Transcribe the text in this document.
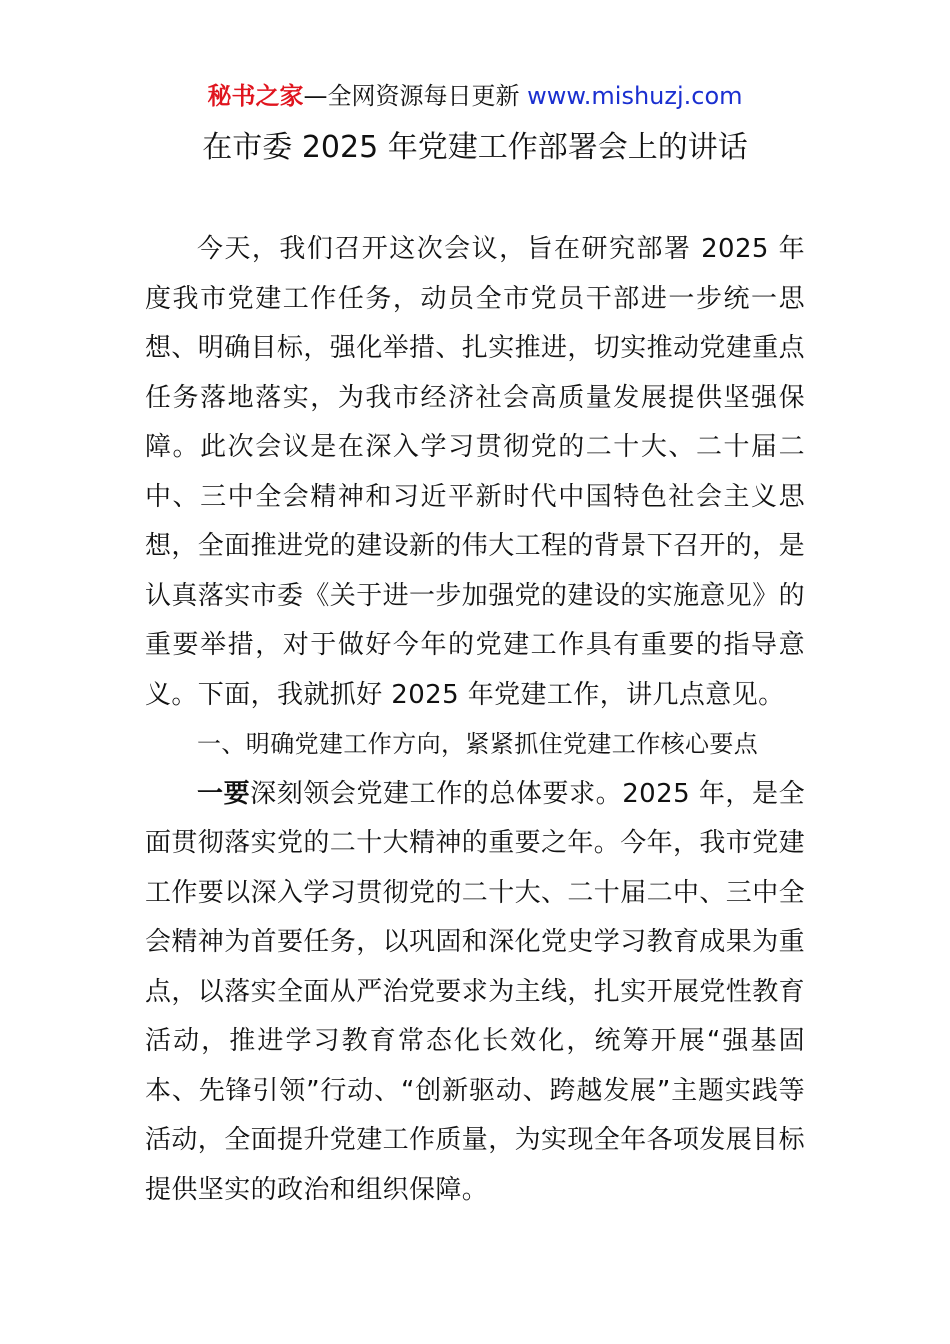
秘书之家—全网资源每日更新 www.mishuzj.com
在市委 2025 年党建工作部署会上的讲话

今天，我们召开这次会议，旨在研究部署 2025 年度我市党建工作任务，动员全市党员干部进一步统一思想、明确目标，强化举措、扎实推进，切实推动党建重点任务落地落实，为我市经济社会高质量发展提供坚强保障。此次会议是在深入学习贯彻党的二十大、二十届二中、三中全会精神和习近平新时代中国特色社会主义思想，全面推进党的建设新的伟大工程的背景下召开的，是认真落实市委《关于进一步加强党的建设的实施意见》的重要举措，对于做好今年的党建工作具有重要的指导意义。下面，我就抓好 2025 年党建工作，讲几点意见。

一、明确党建工作方向，紧紧抓住党建工作核心要点

一要深刻领会党建工作的总体要求。2025 年，是全面贯彻落实党的二十大精神的重要之年。今年，我市党建工作要以深入学习贯彻党的二十大、二十届二中、三中全会精神为首要任务，以巩固和深化党史学习教育成果为重点，以落实全面从严治党要求为主线，扎实开展党性教育活动，推进学习教育常态化长效化，统筹开展“强基固本、先锋引领”行动、“创新驱动、跨越发展”主题实践等活动，全面提升党建工作质量，为实现全年各项发展目标提供坚实的政治和组织保障。
